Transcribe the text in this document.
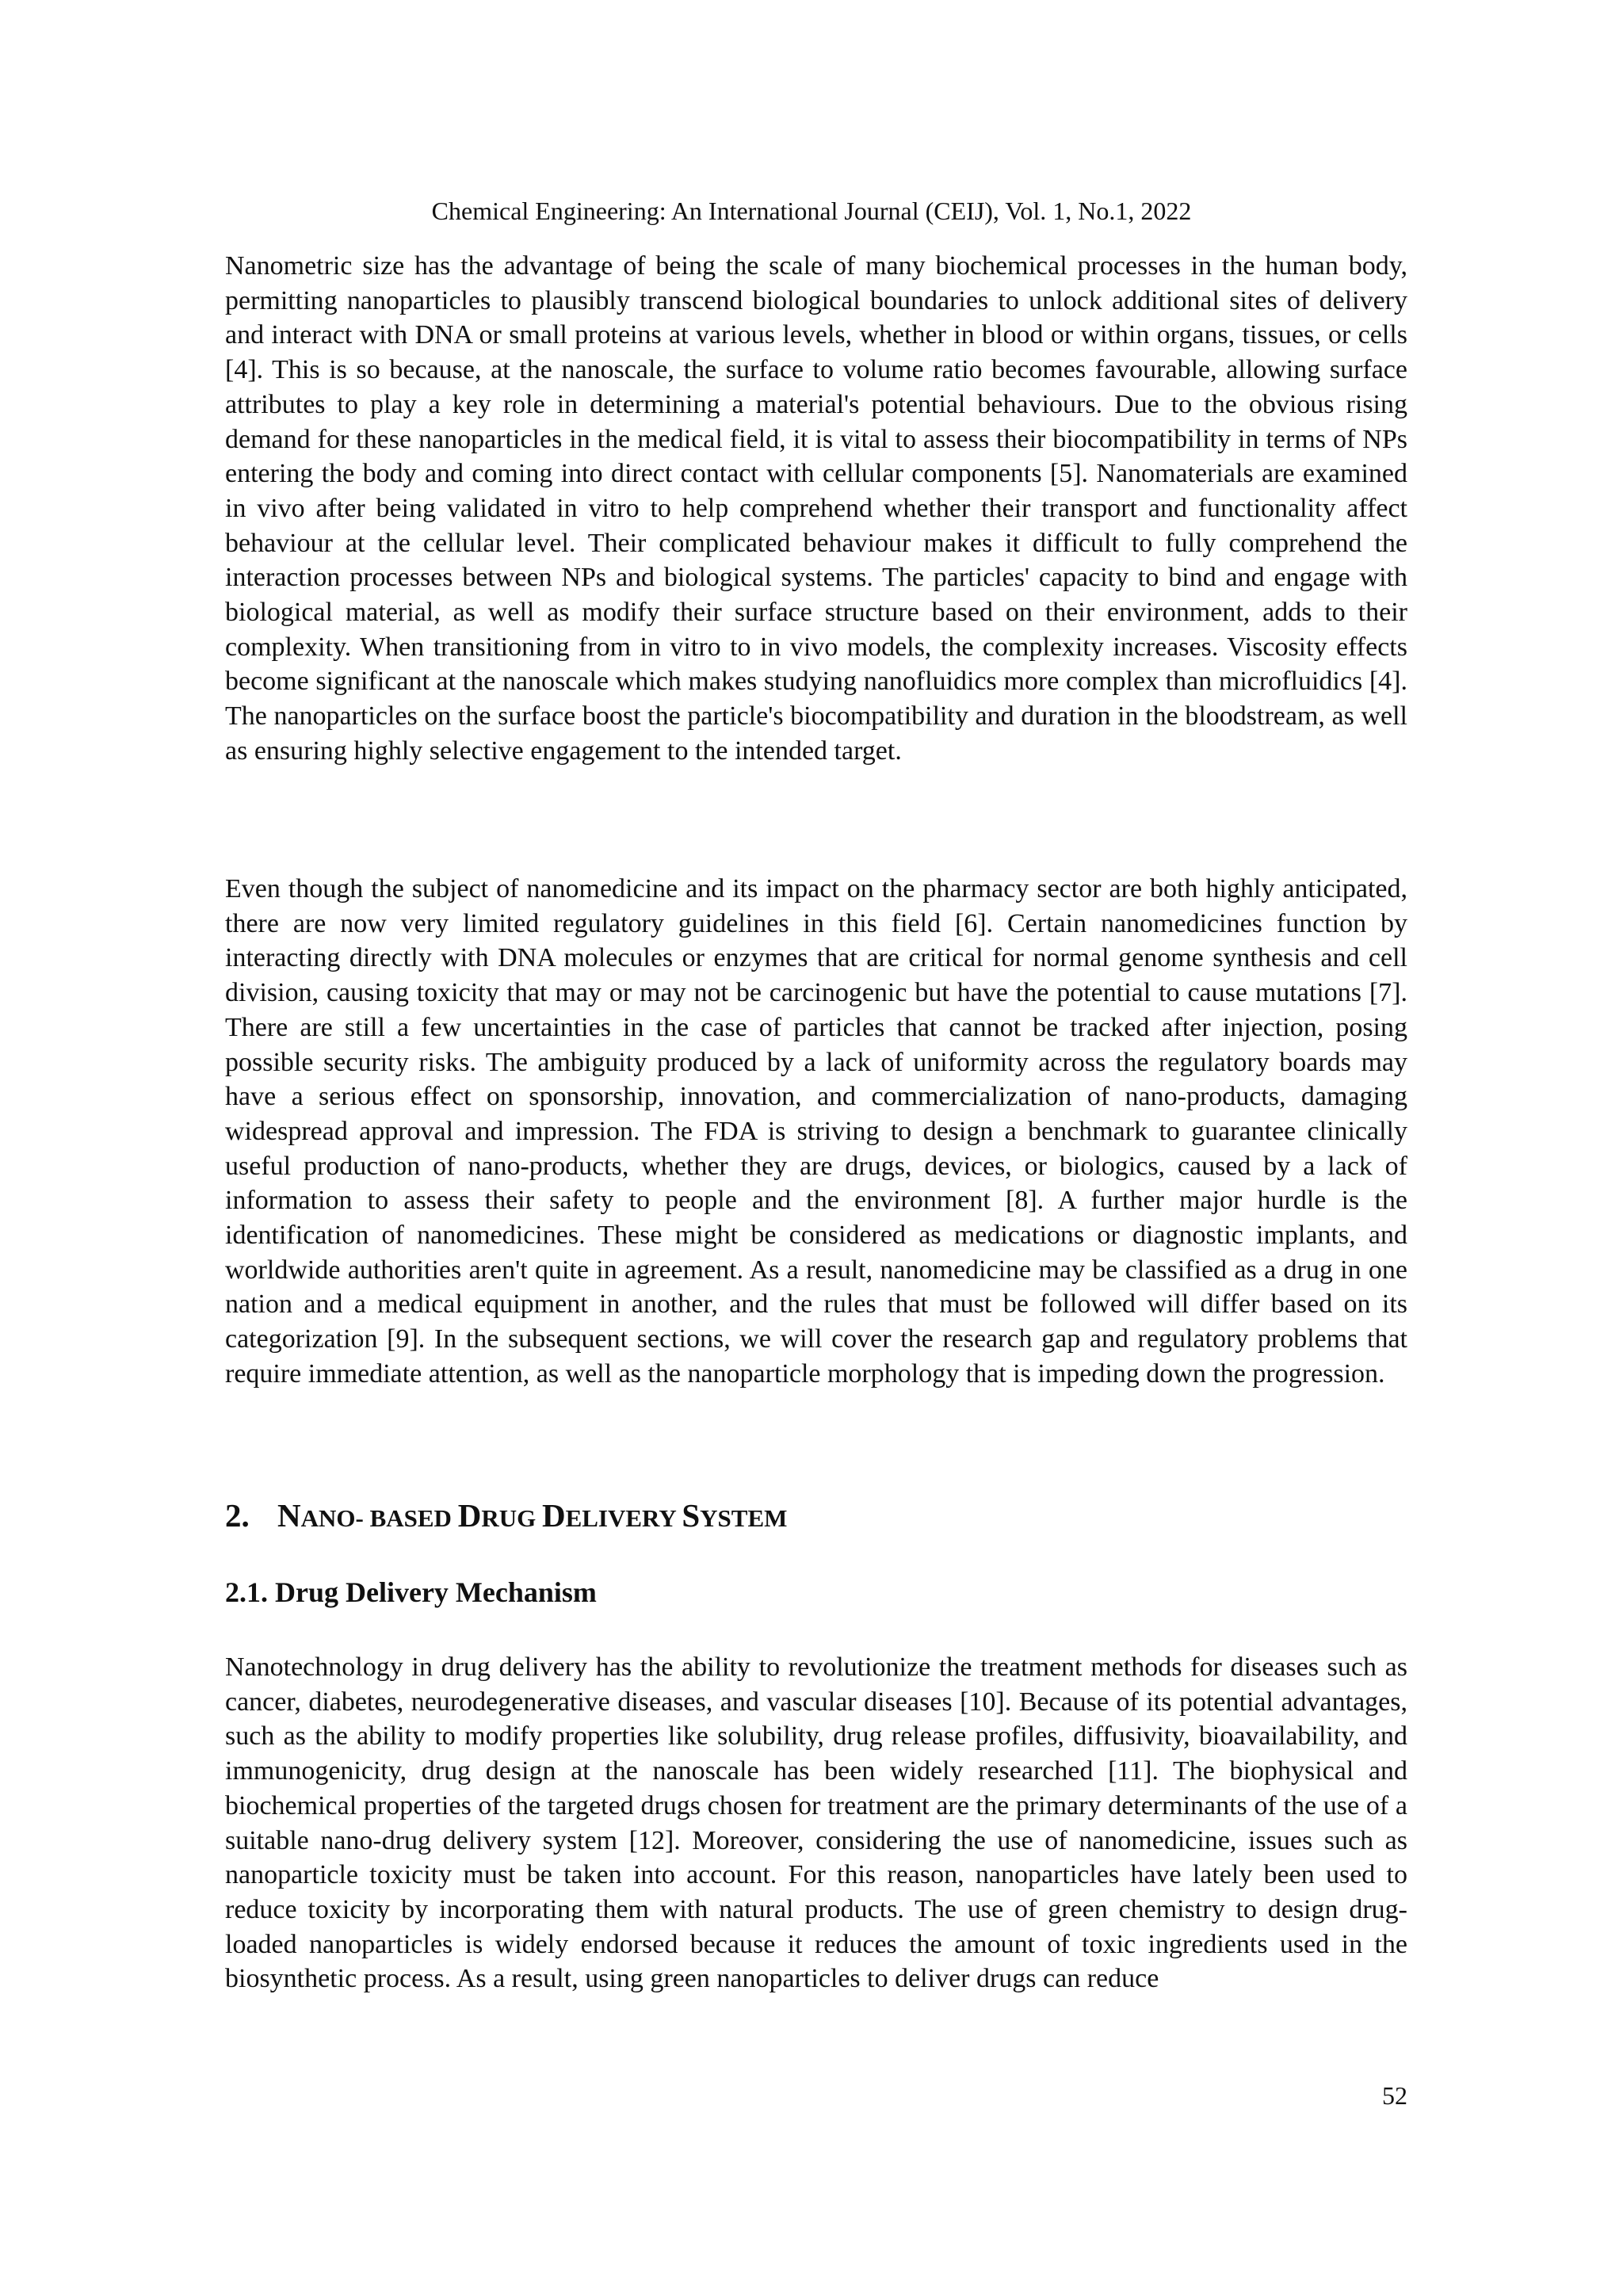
Chemical Engineering: An International Journal (CEIJ), Vol. 1, No.1, 2022

Nanometric size has the advantage of being the scale of many biochemical processes in the human body, permitting nanoparticles to plausibly transcend biological boundaries to unlock additional sites of delivery and interact with DNA or small proteins at various levels, whether in blood or within organs, tissues, or cells [4]. This is so because, at the nanoscale, the surface to volume ratio becomes favourable, allowing surface attributes to play a key role in determining a material's potential behaviours. Due to the obvious rising demand for these nanoparticles in the medical field, it is vital to assess their biocompatibility in terms of NPs entering the body and coming into direct contact with cellular components [5]. Nanomaterials are examined in vivo after being validated in vitro to help comprehend whether their transport and functionality affect behaviour at the cellular level. Their complicated behaviour makes it difficult to fully comprehend the interaction processes between NPs and biological systems. The particles' capacity to bind and engage with biological material, as well as modify their surface structure based on their environment, adds to their complexity. When transitioning from in vitro to in vivo models, the complexity increases. Viscosity effects become significant at the nanoscale which makes studying nanofluidics more complex than microfluidics [4]. The nanoparticles on the surface boost the particle's biocompatibility and duration in the bloodstream, as well as ensuring highly selective engagement to the intended target.

Even though the subject of nanomedicine and its impact on the pharmacy sector are both highly anticipated, there are now very limited regulatory guidelines in this field [6]. Certain nanomedicines function by interacting directly with DNA molecules or enzymes that are critical for normal genome synthesis and cell division, causing toxicity that may or may not be carcinogenic but have the potential to cause mutations [7]. There are still a few uncertainties in the case of particles that cannot be tracked after injection, posing possible security risks. The ambiguity produced by a lack of uniformity across the regulatory boards may have a serious effect on sponsorship, innovation, and commercialization of nano-products, damaging widespread approval and impression. The FDA is striving to design a benchmark to guarantee clinically useful production of nano-products, whether they are drugs, devices, or biologics, caused by a lack of information to assess their safety to people and the environment [8]. A further major hurdle is the identification of nanomedicines. These might be considered as medications or diagnostic implants, and worldwide authorities aren't quite in agreement. As a result, nanomedicine may be classified as a drug in one nation and a medical equipment in another, and the rules that must be followed will differ based on its categorization [9]. In the subsequent sections, we will cover the research gap and regulatory problems that require immediate attention, as well as the nanoparticle morphology that is impeding down the progression.

2. NANO- BASED DRUG DELIVERY SYSTEM
2.1. Drug Delivery Mechanism

Nanotechnology in drug delivery has the ability to revolutionize the treatment methods for diseases such as cancer, diabetes, neurodegenerative diseases, and vascular diseases [10]. Because of its potential advantages, such as the ability to modify properties like solubility, drug release profiles, diffusivity, bioavailability, and immunogenicity, drug design at the nanoscale has been widely researched [11]. The biophysical and biochemical properties of the targeted drugs chosen for treatment are the primary determinants of the use of a suitable nano-drug delivery system [12]. Moreover, considering the use of nanomedicine, issues such as nanoparticle toxicity must be taken into account. For this reason, nanoparticles have lately been used to reduce toxicity by incorporating them with natural products. The use of green chemistry to design drug-loaded nanoparticles is widely endorsed because it reduces the amount of toxic ingredients used in the biosynthetic process. As a result, using green nanoparticles to deliver drugs can reduce

52
